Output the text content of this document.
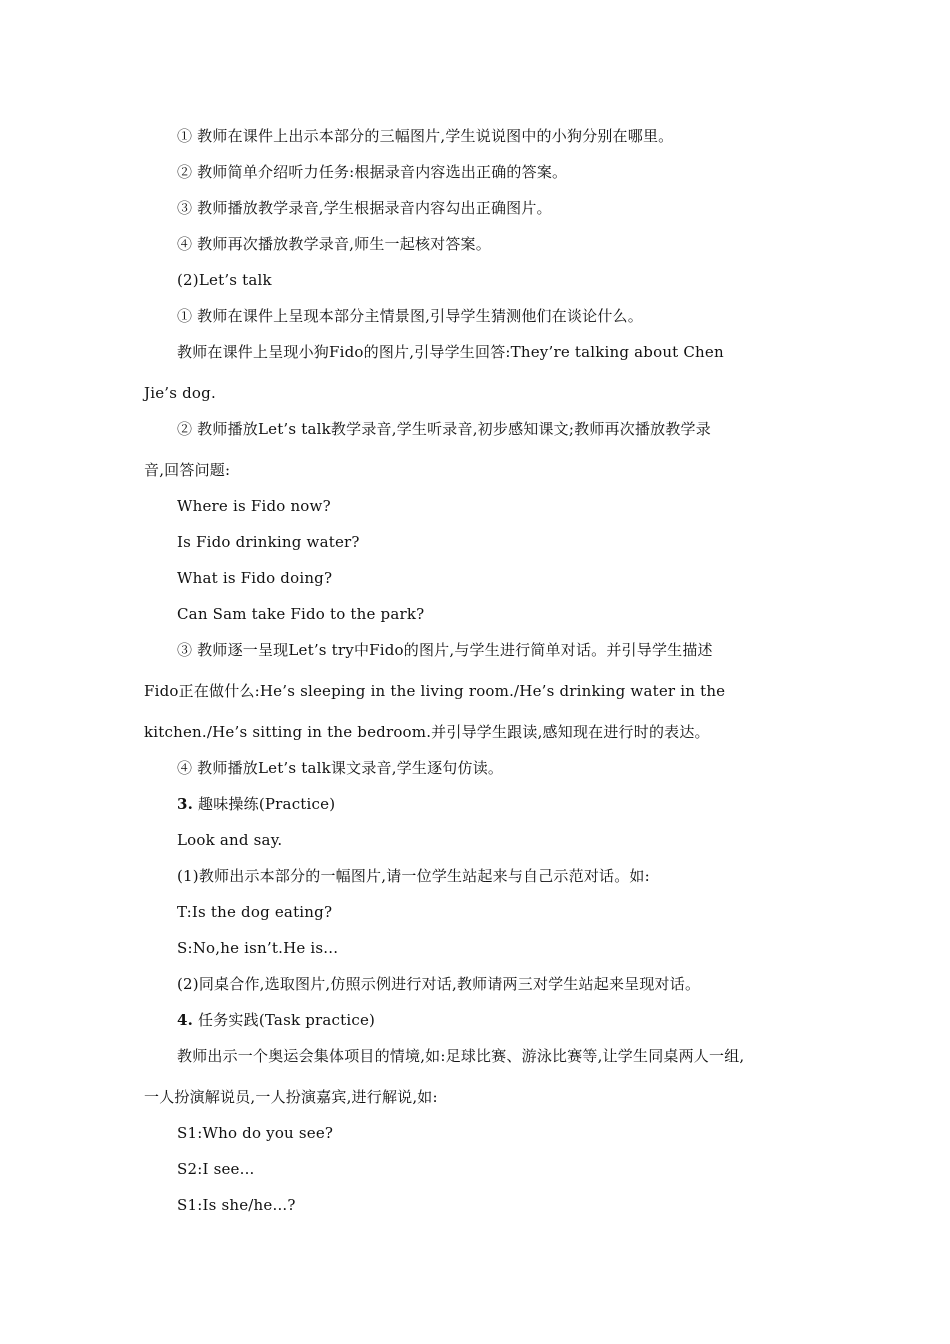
① 教师在课件上出示本部分的三幅图片,学生说说图中的小狗分别在哪里。
② 教师简单介绍听力任务:根据录音内容选出正确的答案。
③ 教师播放教学录音,学生根据录音内容勾出正确图片。
④ 教师再次播放教学录音,师生一起核对答案。
(2)Let’s talk
① 教师在课件上呈现本部分主情景图,引导学生猜测他们在谈论什么。
教师在课件上呈现小狗Fido的图片,引导学生回答:They’re talking about Chen
Jie’s dog.
② 教师播放Let’s talk教学录音,学生听录音,初步感知课文;教师再次播放教学录
音,回答问题:
Where is Fido now?
Is Fido drinking water?
What is Fido doing?
Can Sam take Fido to the park?
③ 教师逐一呈现Let’s try中Fido的图片,与学生进行简单对话。并引导学生描述
Fido正在做什么:He’s sleeping in the living room./He’s drinking water in the
kitchen./He’s sitting in the bedroom.并引导学生跟读,感知现在进行时的表达。
④ 教师播放Let’s talk课文录音,学生逐句仿读。
3. 趣味操练(Practice)
Look and say.
(1)教师出示本部分的一幅图片,请一位学生站起来与自己示范对话。如:
T:Is the dog eating?
S:No,he isn’t.He is...
(2)同桌合作,选取图片,仿照示例进行对话,教师请两三对学生站起来呈现对话。
4. 任务实践(Task practice)
教师出示一个奥运会集体项目的情境,如:足球比赛、游泳比赛等,让学生同桌两人一组,
一人扮演解说员,一人扮演嘉宾,进行解说,如:
S1:Who do you see?
S2:I see...
S1:Is she/he...?
